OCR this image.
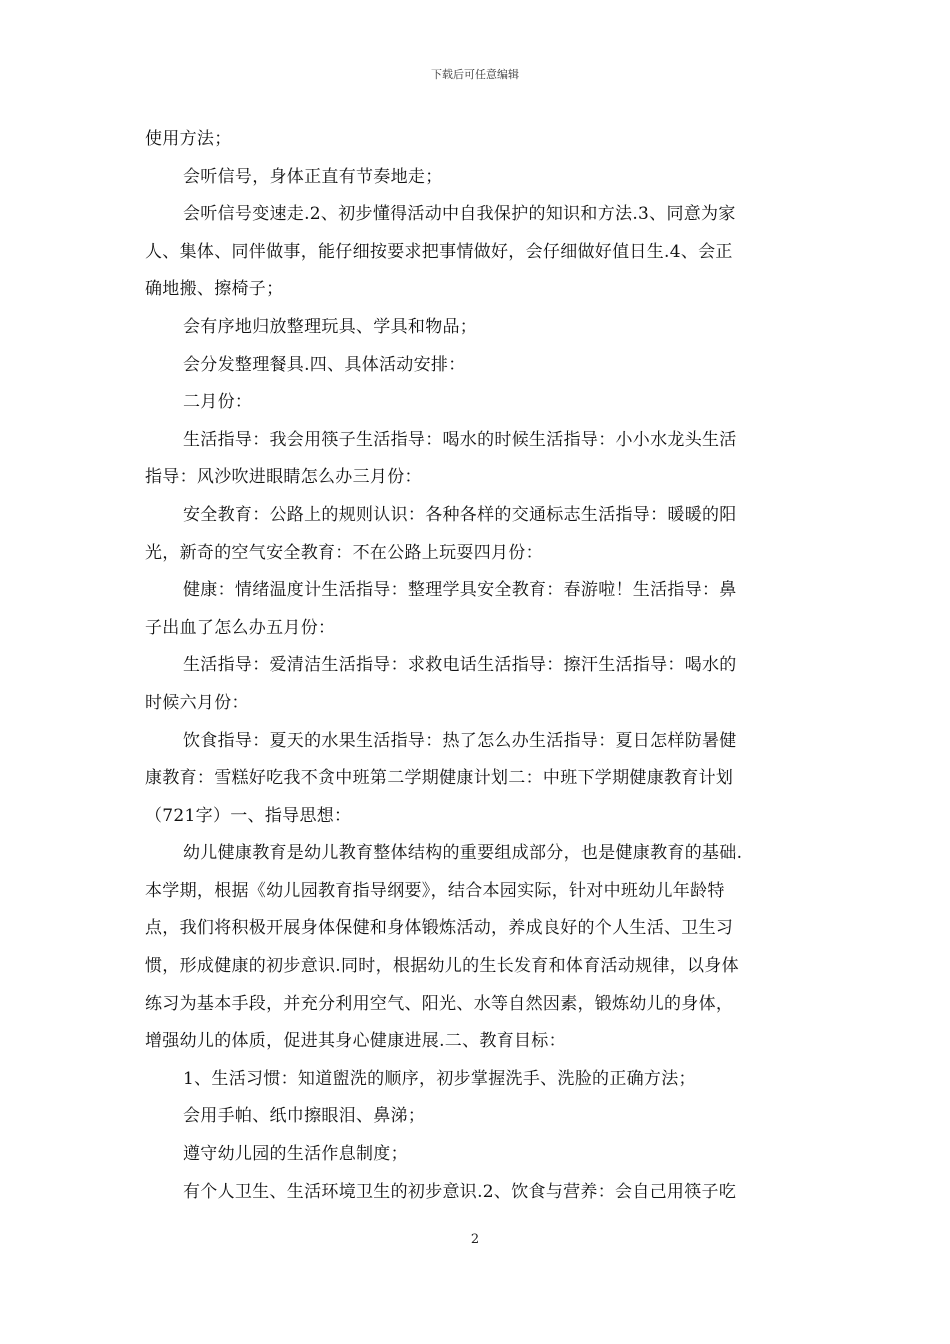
下载后可任意编辑
使用方法；
会听信号，身体正直有节奏地走；
会听信号变速走.2、初步懂得活动中自我保护的知识和方法.3、同意为家
人、集体、同伴做事，能仔细按要求把事情做好，会仔细做好值日生.4、会正
确地搬、擦椅子；
会有序地归放整理玩具、学具和物品；
会分发整理餐具.四、具体活动安排：
二月份：
生活指导：我会用筷子生活指导：喝水的时候生活指导：小小水龙头生活
指导：风沙吹进眼睛怎么办三月份：
安全教育：公路上的规则认识：各种各样的交通标志生活指导：暖暖的阳
光，新奇的空气安全教育：不在公路上玩耍四月份：
健康：情绪温度计生活指导：整理学具安全教育：春游啦！生活指导：鼻
子出血了怎么办五月份：
生活指导：爱清洁生活指导：求救电话生活指导：擦汗生活指导：喝水的
时候六月份：
饮食指导：夏天的水果生活指导：热了怎么办生活指导：夏日怎样防暑健
康教育：雪糕好吃我不贪中班第二学期健康计划二：中班下学期健康教育计划
（721字）一、指导思想：
幼儿健康教育是幼儿教育整体结构的重要组成部分，也是健康教育的基础.
本学期，根据《幼儿园教育指导纲要》，结合本园实际，针对中班幼儿年龄特
点，我们将积极开展身体保健和身体锻炼活动，养成良好的个人生活、卫生习
惯，形成健康的初步意识.同时，根据幼儿的生长发育和体育活动规律，以身体
练习为基本手段，并充分利用空气、阳光、水等自然因素，锻炼幼儿的身体，
增强幼儿的体质，促进其身心健康进展.二、教育目标：
1、生活习惯：知道盥洗的顺序，初步掌握洗手、洗脸的正确方法；
会用手帕、纸巾擦眼泪、鼻涕；
遵守幼儿园的生活作息制度；
有个人卫生、生活环境卫生的初步意识.2、饮食与营养：会自己用筷子吃
2
